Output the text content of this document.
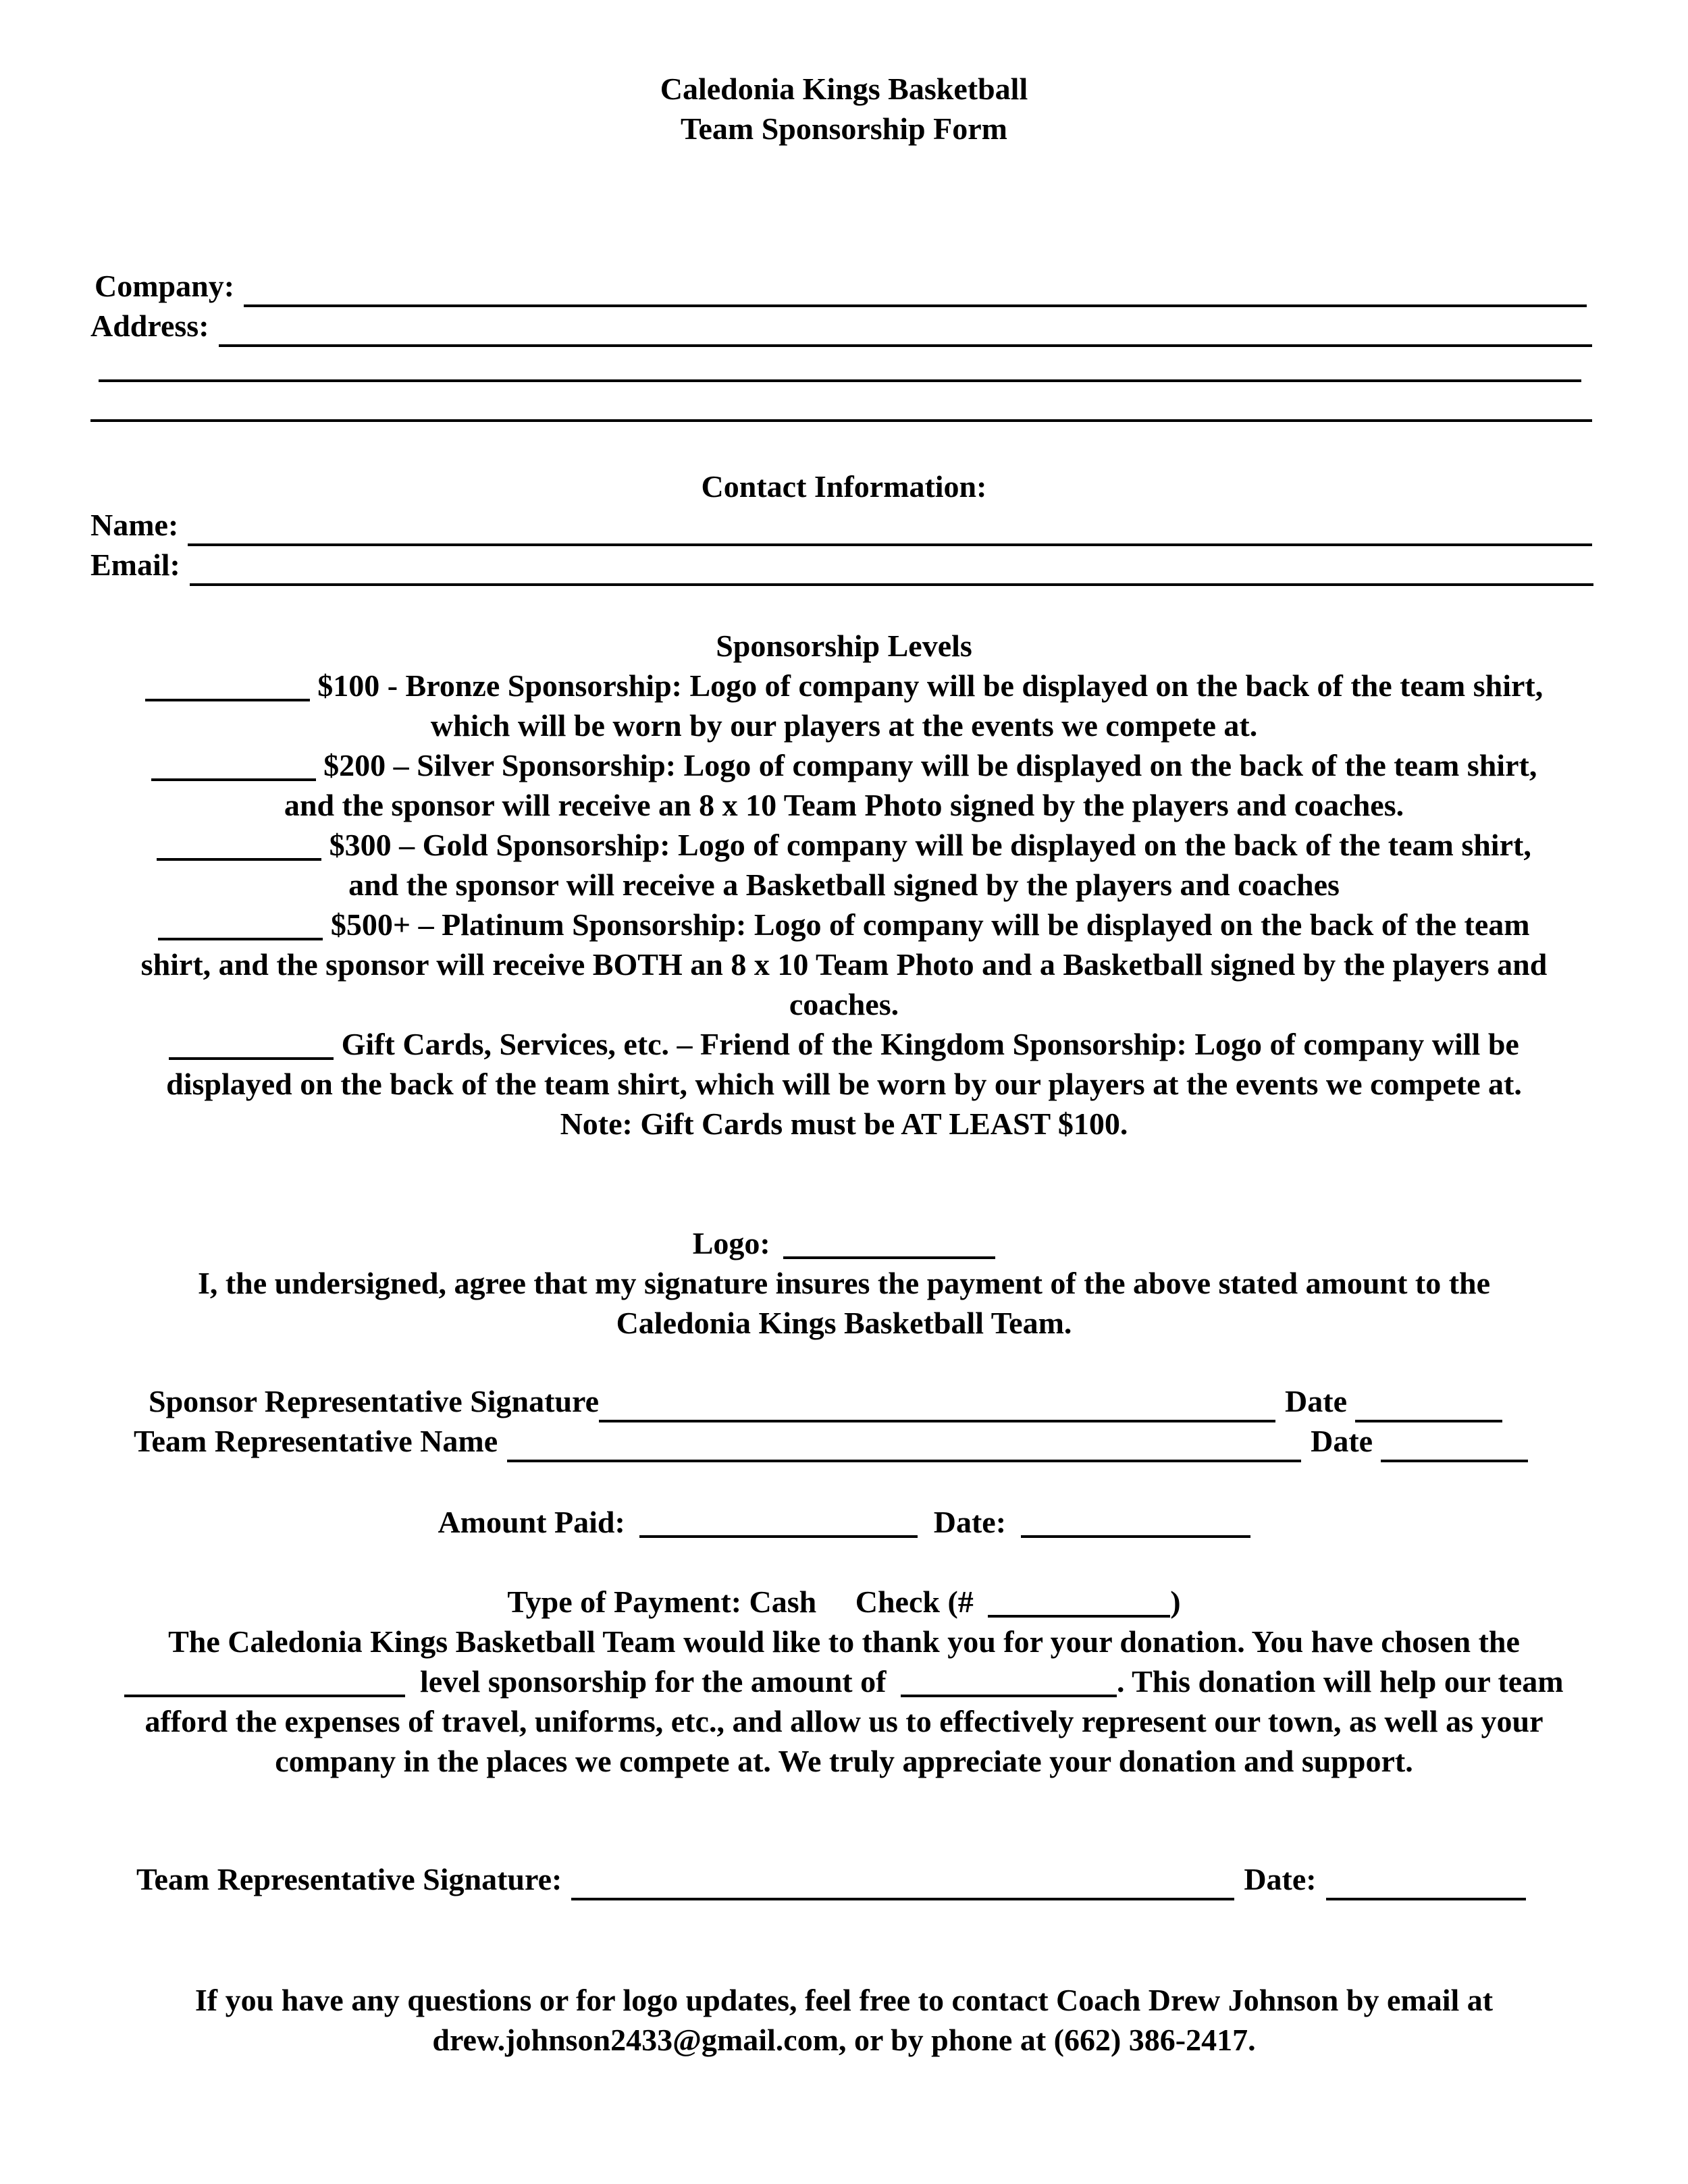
Caledonia Kings Basketball
Team Sponsorship Form
Company:
Address:
Contact Information:
Name:
Email:
Sponsorship Levels
$100 - Bronze Sponsorship: Logo of company will be displayed on the back of the team shirt,
which will be worn by our players at the events we compete at.
$200 – Silver Sponsorship: Logo of company will be displayed on the back of the team shirt,
and the sponsor will receive an 8 x 10 Team Photo signed by the players and coaches.
$300 – Gold Sponsorship: Logo of company will be displayed on the back of the team shirt,
and the sponsor will receive a Basketball signed by the players and coaches
$500+ – Platinum Sponsorship: Logo of company will be displayed on the back of the team
shirt, and the sponsor will receive BOTH an 8 x 10 Team Photo and a Basketball signed by the players and
coaches.
Gift Cards, Services, etc. – Friend of the Kingdom Sponsorship: Logo of company will be
displayed on the back of the team shirt, which will be worn by our players at the events we compete at.
Note: Gift Cards must be AT LEAST $100.
Logo:
I, the undersigned, agree that my signature insures the payment of the above stated amount to the
Caledonia Kings Basketball Team.
Sponsor Representative Signature	Date
Team Representative Name	Date
Amount Paid:	Date:
Type of Payment: Cash Check (#	)
The Caledonia Kings Basketball Team would like to thank you for your donation. You have chosen the
level sponsorship for the amount of	. This donation will help our team
afford the expenses of travel, uniforms, etc., and allow us to effectively represent our town, as well as your
company in the places we compete at. We truly appreciate your donation and support.
Team Representative Signature:	Date:
If you have any questions or for logo updates, feel free to contact Coach Drew Johnson by email at
drew.johnson2433@gmail.com, or by phone at (662) 386-2417.
